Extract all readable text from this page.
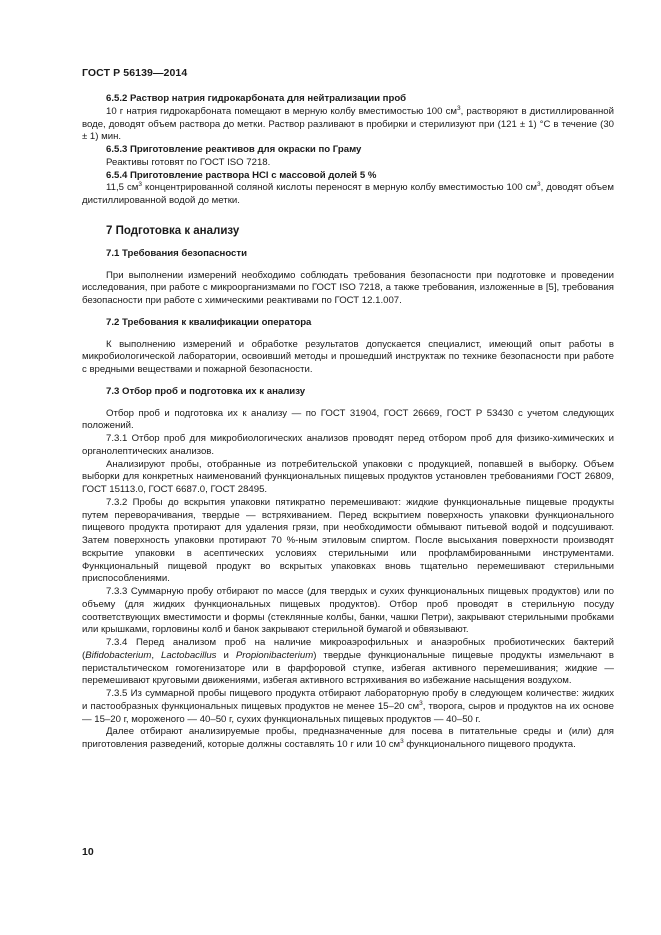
ГОСТ Р 56139—2014
6.5.2 Раствор натрия гидрокарбоната для нейтрализации проб

10 г натрия гидрокарбоната помещают в мерную колбу вместимостью 100 $см^3$, растворяют в дистиллированной воде, доводят объем раствора до метки. Раствор разливают в пробирки и стерилизуют при (121 ± 1) °С в течение (30 ± 1) мин.

6.5.3 Приготовление реактивов для окраски по Граму

Реактивы готовят по ГОСТ ISO 7218.

6.5.4 Приготовление раствора HCl с массовой долей 5 %

11,5 $см^3$ концентрированной соляной кислоты переносят в мерную колбу вместимостью 100 $см^3$, доводят объем дистиллированной водой до метки.

7 Подготовка к анализу
7.1 Требования безопасности

При выполнении измерений необходимо соблюдать требования безопасности при подготовке и проведении исследования, при работе с микроорганизмами по ГОСТ ISO 7218, а также требования, изложенные в [5], требования безопасности при работе с химическими реактивами по ГОСТ 12.1.007.

7.2 Требования к квалификации оператора

К выполнению измерений и обработке результатов допускается специалист, имеющий опыт работы в микробиологической лаборатории, освоивший методы и прошедший инструктаж по технике безопасности при работе с вредными веществами и пожарной безопасности.

7.3 Отбор проб и подготовка их к анализу

Отбор проб и подготовка их к анализу — по ГОСТ 31904, ГОСТ 26669, ГОСТ Р 53430 с учетом следующих положений.

7.3.1 Отбор проб для микробиологических анализов проводят перед отбором проб для физико-химических и органолептических анализов.

Анализируют пробы, отобранные из потребительской упаковки с продукцией, попавшей в выборку. Объем выборки для конкретных наименований функциональных пищевых продуктов установлен требованиями ГОСТ 26809, ГОСТ 15113.0, ГОСТ 6687.0, ГОСТ 28495.

7.3.2 Пробы до вскрытия упаковки пятикратно перемешивают: жидкие функциональные пищевые продукты путем переворачивания, твердые — встряхиванием. Перед вскрытием поверхность упаковки функционального пищевого продукта протирают для удаления грязи, при необходимости обмывают питьевой водой и подсушивают. Затем поверхность упаковки протирают 70 %-ным этиловым спиртом. После высыхания поверхности производят вскрытие упаковки в асептических условиях стерильными или профламбированными инструментами. Функциональный пищевой продукт во вскрытых упаковках вновь тщательно перемешивают стерильными приспособлениями.

7.3.3 Суммарную пробу отбирают по массе (для твердых и сухих функциональных пищевых продуктов) или по объему (для жидких функциональных пищевых продуктов). Отбор проб проводят в стерильную посуду соответствующих вместимости и формы (стеклянные колбы, банки, чашки Петри), закрывают стерильными пробками или крышками, горловины колб и банок закрывают стерильной бумагой и обвязывают.

7.3.4 Перед анализом проб на наличие микроаэрофильных и анаэробных пробиотических бактерий (Bifidobacterium, Lactobacillus и Propionibacterium) твердые функциональные пищевые продукты измельчают в перистальтическом гомогенизаторе или в фарфоровой ступке, избегая активного перемешивания; жидкие — перемешивают круговыми движениями, избегая активного встряхивания во избежание насыщения воздухом.

7.3.5 Из суммарной пробы пищевого продукта отбирают лабораторную пробу в следующем количестве: жидких и пастообразных функциональных пищевых продуктов не менее 15–20 $см^3$, творога, сыров и продуктов на их основе — 15–20 г, мороженого — 40–50 г, сухих функциональных пищевых продуктов — 40–50 г.

Далее отбирают анализируемые пробы, предназначенные для посева в питательные среды и (или) для приготовления разведений, которые должны составлять 10 г или 10 $см^3$ функционального пищевого продукта.

10
